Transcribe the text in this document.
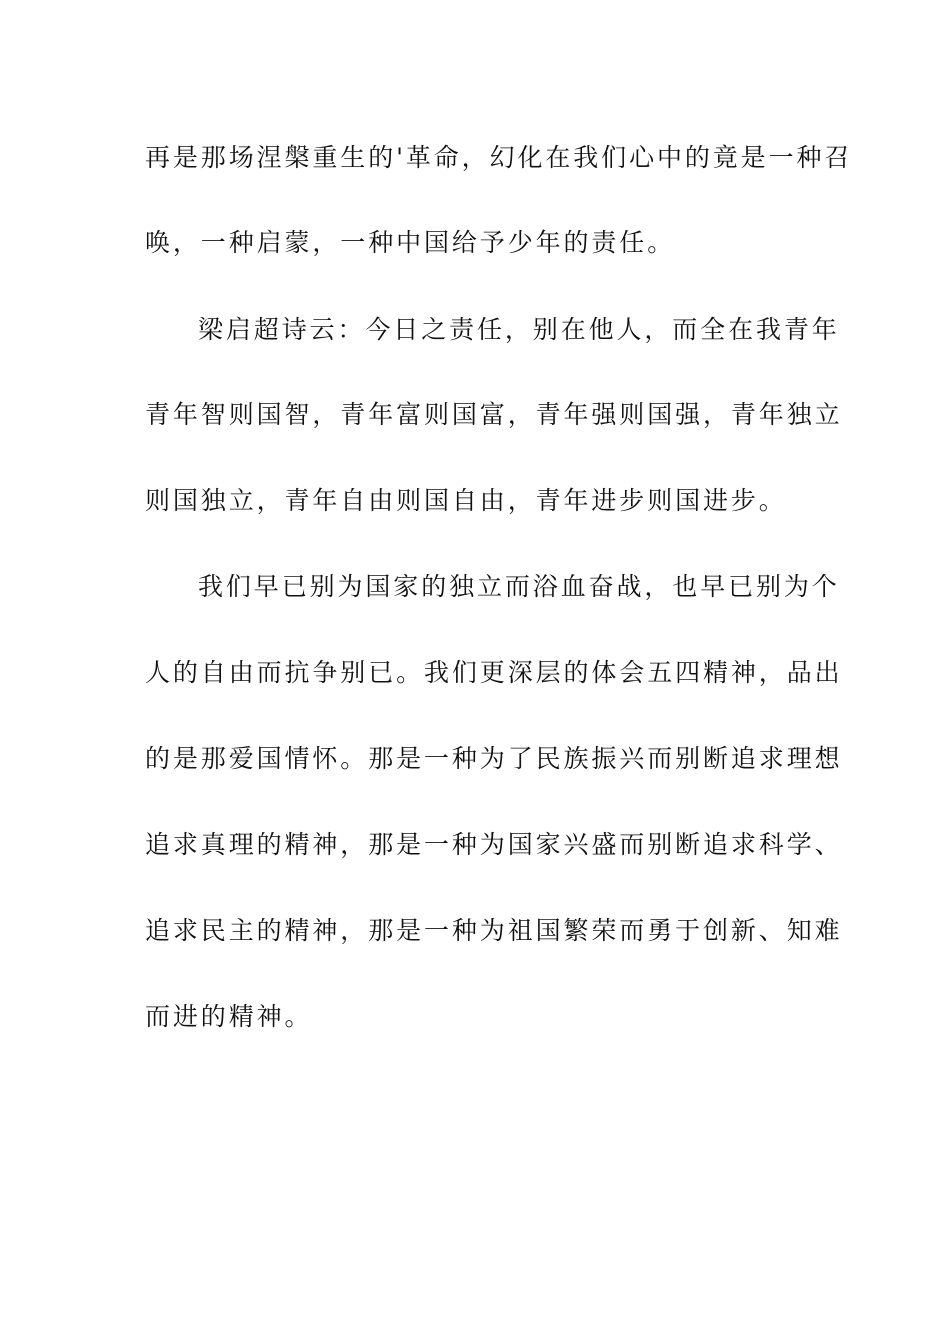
再是那场涅槃重生的'革命，幻化在我们心中的竟是一种召
唤，一种启蒙，一种中国给予少年的责任。
梁启超诗云：今日之责任，别在他人，而全在我青年
青年智则国智，青年富则国富，青年强则国强，青年独立
则国独立，青年自由则国自由，青年进步则国进步。
我们早已别为国家的独立而浴血奋战，也早已别为个
人的自由而抗争别已。我们更深层的体会五四精神，品出
的是那爱国情怀。那是一种为了民族振兴而别断追求理想
追求真理的精神，那是一种为国家兴盛而别断追求科学、
追求民主的精神，那是一种为祖国繁荣而勇于创新、知难
而进的精神。
